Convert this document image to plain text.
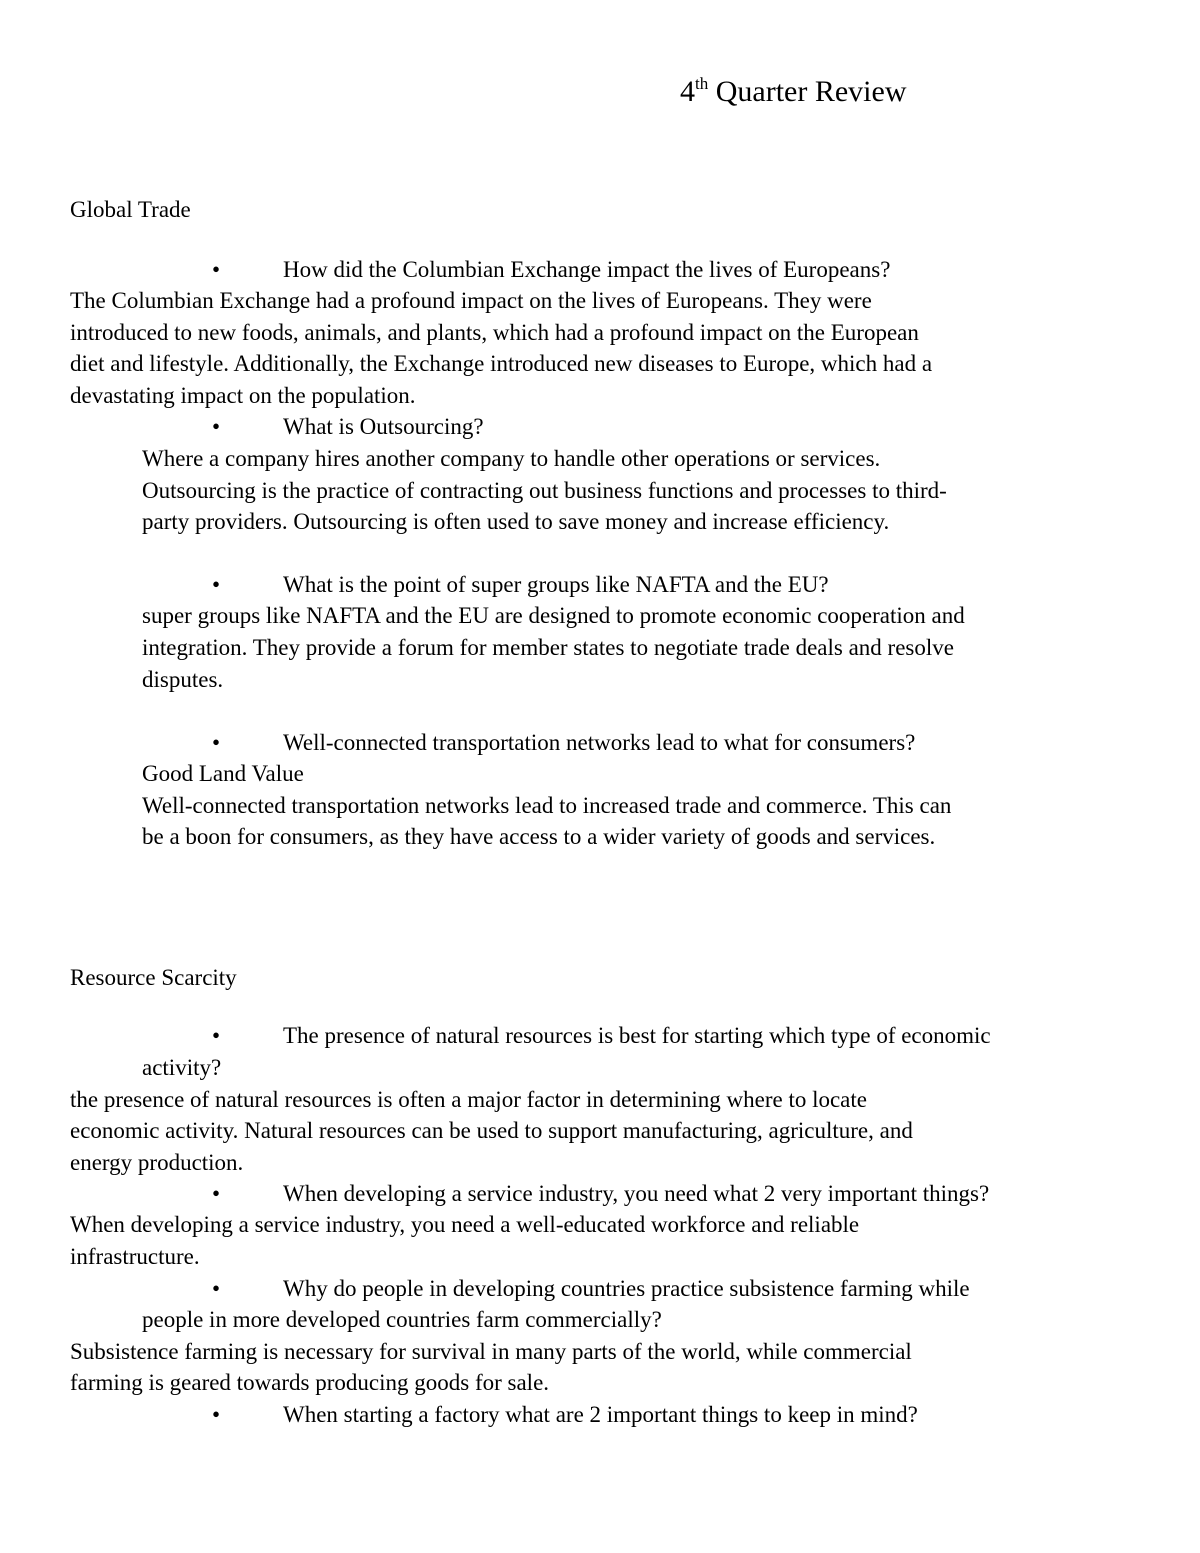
4th Quarter Review
Global Trade
•	How did the Columbian Exchange impact the lives of Europeans?
The Columbian Exchange had a profound impact on the lives of Europeans. They were
introduced to new foods, animals, and plants, which had a profound impact on the European
diet and lifestyle. Additionally, the Exchange introduced new diseases to Europe, which had a
devastating impact on the population.
•	What is Outsourcing?
Where a company hires another company to handle other operations or services.
Outsourcing is the practice of contracting out business functions and processes to third-
party providers. Outsourcing is often used to save money and increase efficiency.
•	What is the point of super groups like NAFTA and the EU?
super groups like NAFTA and the EU are designed to promote economic cooperation and
integration. They provide a forum for member states to negotiate trade deals and resolve
disputes.
•	Well-connected transportation networks lead to what for consumers?
Good Land Value
Well-connected transportation networks lead to increased trade and commerce. This can
be a boon for consumers, as they have access to a wider variety of goods and services.
Resource Scarcity
•	The presence of natural resources is best for starting which type of economic
activity?
the presence of natural resources is often a major factor in determining where to locate
economic activity. Natural resources can be used to support manufacturing, agriculture, and
energy production.
•	When developing a service industry, you need what 2 very important things?
When developing a service industry, you need a well-educated workforce and reliable
infrastructure.
•	Why do people in developing countries practice subsistence farming while
people in more developed countries farm commercially?
Subsistence farming is necessary for survival in many parts of the world, while commercial
farming is geared towards producing goods for sale.
•	When starting a factory what are 2 important things to keep in mind?
